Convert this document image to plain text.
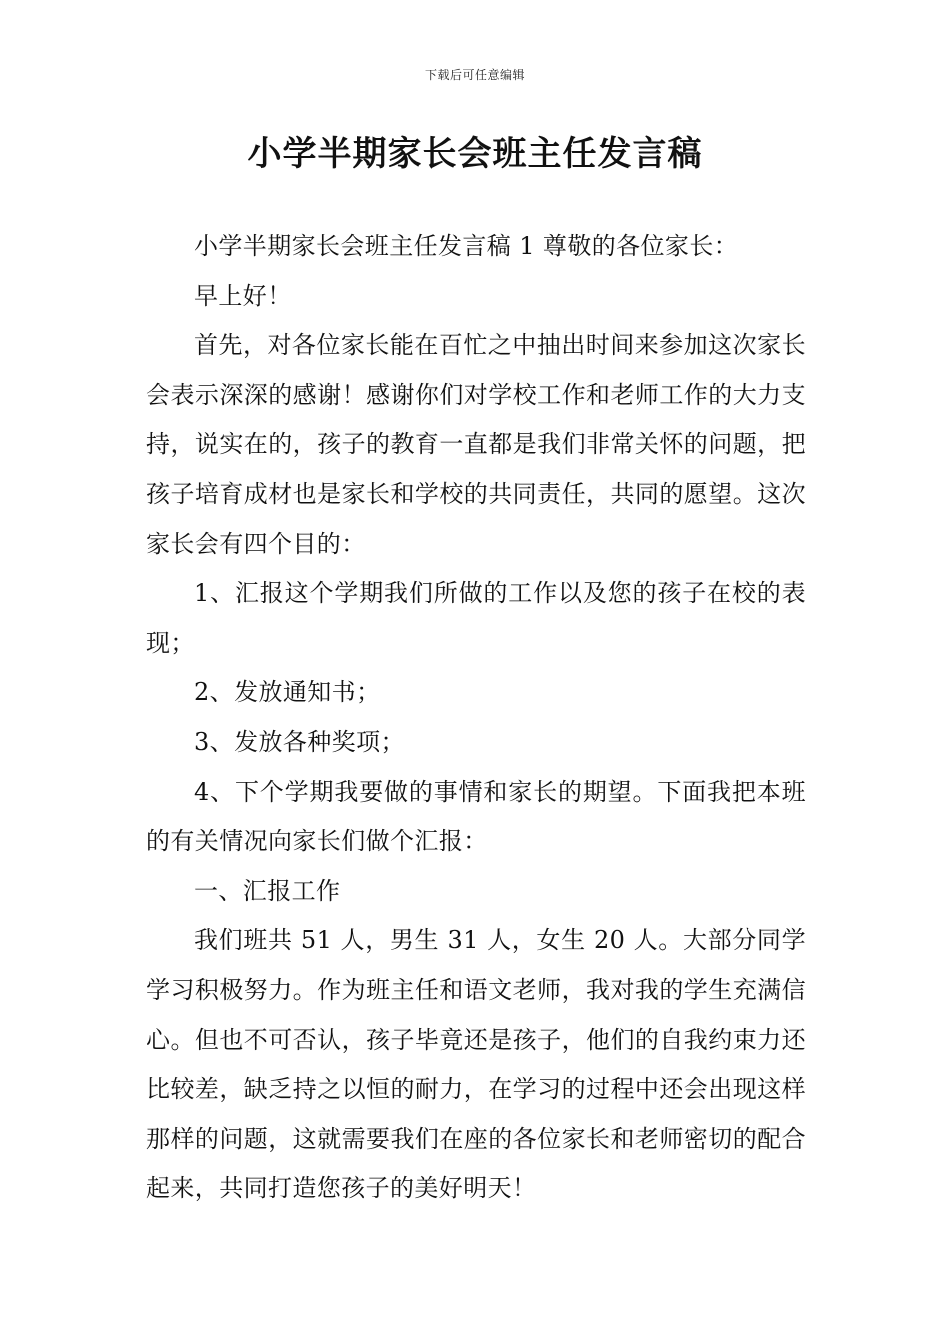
下载后可任意编辑
小学半期家长会班主任发言稿

小学半期家长会班主任发言稿 1 尊敬的各位家长：

早上好！

首先，对各位家长能在百忙之中抽出时间来参加这次家长会表示深深的感谢！感谢你们对学校工作和老师工作的大力支持，说实在的，孩子的教育一直都是我们非常关怀的问题，把孩子培育成材也是家长和学校的共同责任，共同的愿望。这次家长会有四个目的：

1、汇报这个学期我们所做的工作以及您的孩子在校的表现；

2、发放通知书；

3、发放各种奖项；

4、下个学期我要做的事情和家长的期望。下面我把本班的有关情况向家长们做个汇报：

一、汇报工作

我们班共 51 人，男生 31 人，女生 20 人。大部分同学学习积极努力。作为班主任和语文老师，我对我的学生充满信心。但也不可否认，孩子毕竟还是孩子，他们的自我约束力还比较差，缺乏持之以恒的耐力，在学习的过程中还会出现这样那样的问题，这就需要我们在座的各位家长和老师密切的配合起来，共同打造您孩子的美好明天！
